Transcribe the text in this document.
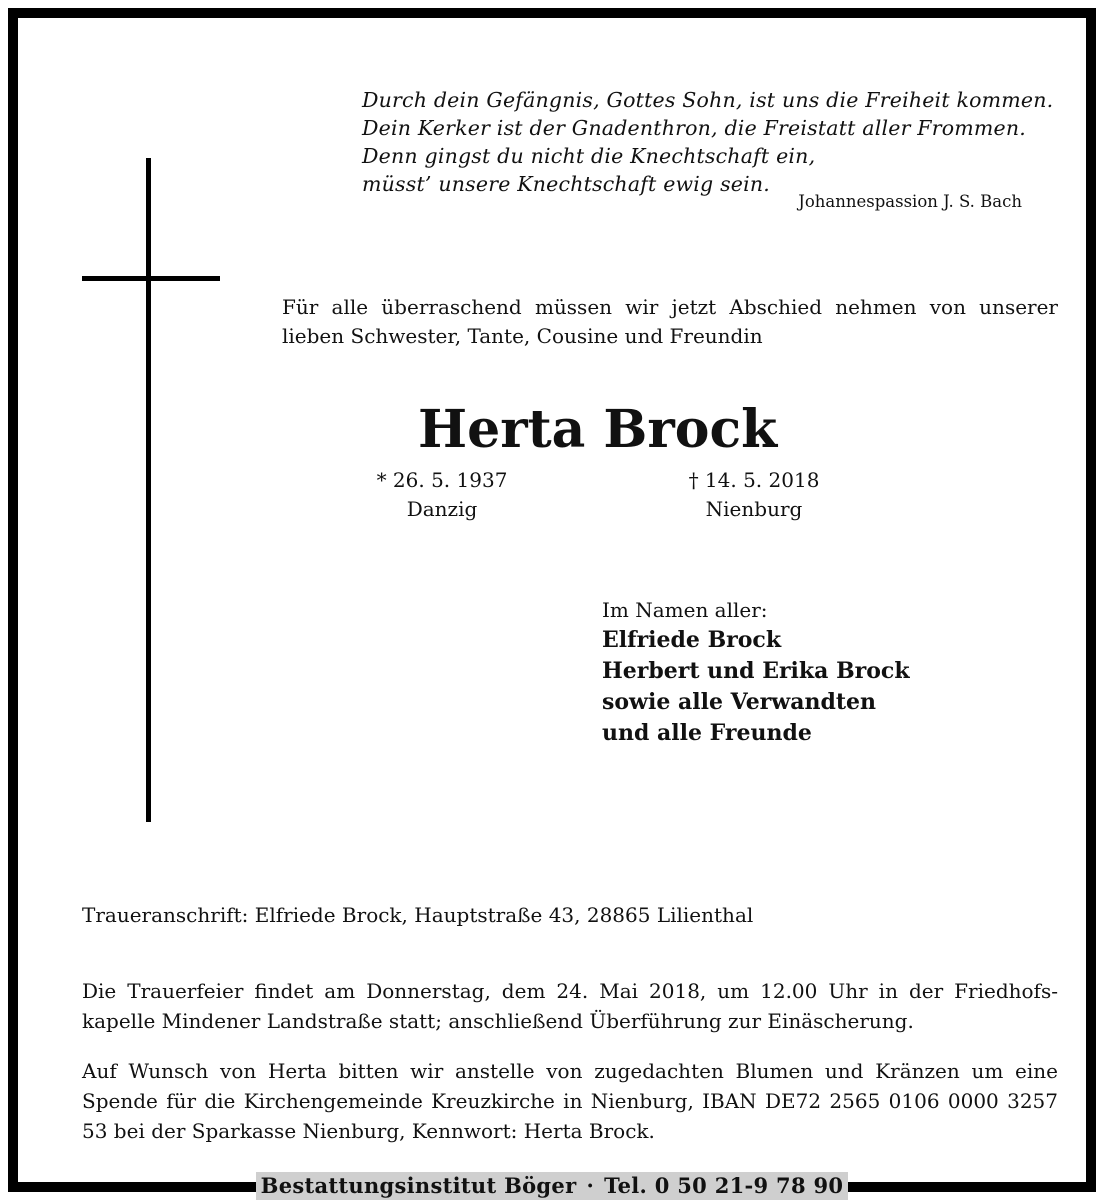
Durch dein Gefängnis, Gottes Sohn, ist uns die Freiheit kommen.
Dein Kerker ist der Gnadenthron, die Freistatt aller Frommen.
Denn gingst du nicht die Knechtschaft ein,
müsst’ unsere Knechtschaft ewig sein.
Johannespassion J. S. Bach
Für alle überraschend müssen wir jetzt Abschied nehmen von unserer lieben Schwester, Tante, Cousine und Freundin
Herta Brock
* 26. 5. 1937
Danzig
† 14. 5. 2018
Nienburg
Im Namen aller:
Elfriede Brock
Herbert und Erika Brock
sowie alle Verwandten
und alle Freunde
Traueranschrift: Elfriede Brock, Hauptstraße 43, 28865 Lilienthal
Die Trauerfeier findet am Donnerstag, dem 24. Mai 2018, um 12.00 Uhr in der Friedhofskapelle Mindener Landstraße statt; anschließend Überführung zur Einäscherung.
Auf Wunsch von Herta bitten wir anstelle von zugedachten Blumen und Kränzen um eine Spende für die Kirchengemeinde Kreuzkirche in Nienburg, IBAN DE72 2565 0106 0000 3257 53 bei der Sparkasse Nienburg, Kennwort: Herta Brock.
Bestattungsinstitut Böger · Tel. 0 50 21-9 78 90
